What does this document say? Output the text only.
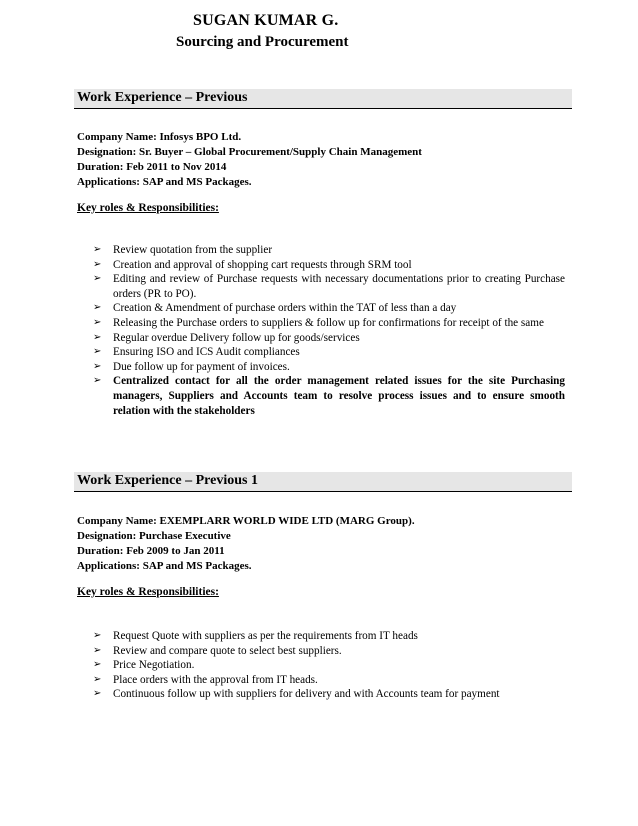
SUGAN KUMAR G.
Sourcing and Procurement
Work Experience – Previous
Company Name: Infosys BPO Ltd.
Designation: Sr. Buyer – Global Procurement/Supply Chain Management
Duration: Feb 2011 to Nov 2014
Applications: SAP and MS Packages.
Key roles & Responsibilities:
➢ Review quotation from the supplier
➢ Creation and approval of shopping cart requests through SRM tool
➢ Editing and review of Purchase requests with necessary documentations prior to creating Purchase orders (PR to PO).
➢ Creation & Amendment of purchase orders within the TAT of less than a day
➢ Releasing the Purchase orders to suppliers & follow up for confirmations for receipt of the same
➢ Regular overdue Delivery follow up for goods/services
➢ Ensuring ISO and ICS Audit compliances
➢ Due follow up for payment of invoices.
➢ Centralized contact for all the order management related issues for the site Purchasing managers, Suppliers and Accounts team to resolve process issues and to ensure smooth relation with the stakeholders
Work Experience – Previous 1
Company Name: EXEMPLARR WORLD WIDE LTD (MARG Group).
Designation: Purchase Executive
Duration: Feb 2009 to Jan 2011
Applications: SAP and MS Packages.
Key roles & Responsibilities:
➢ Request Quote with suppliers as per the requirements from IT heads
➢ Review and compare quote to select best suppliers.
➢ Price Negotiation.
➢ Place orders with the approval from IT heads.
➢ Continuous follow up with suppliers for delivery and with Accounts team for payment
